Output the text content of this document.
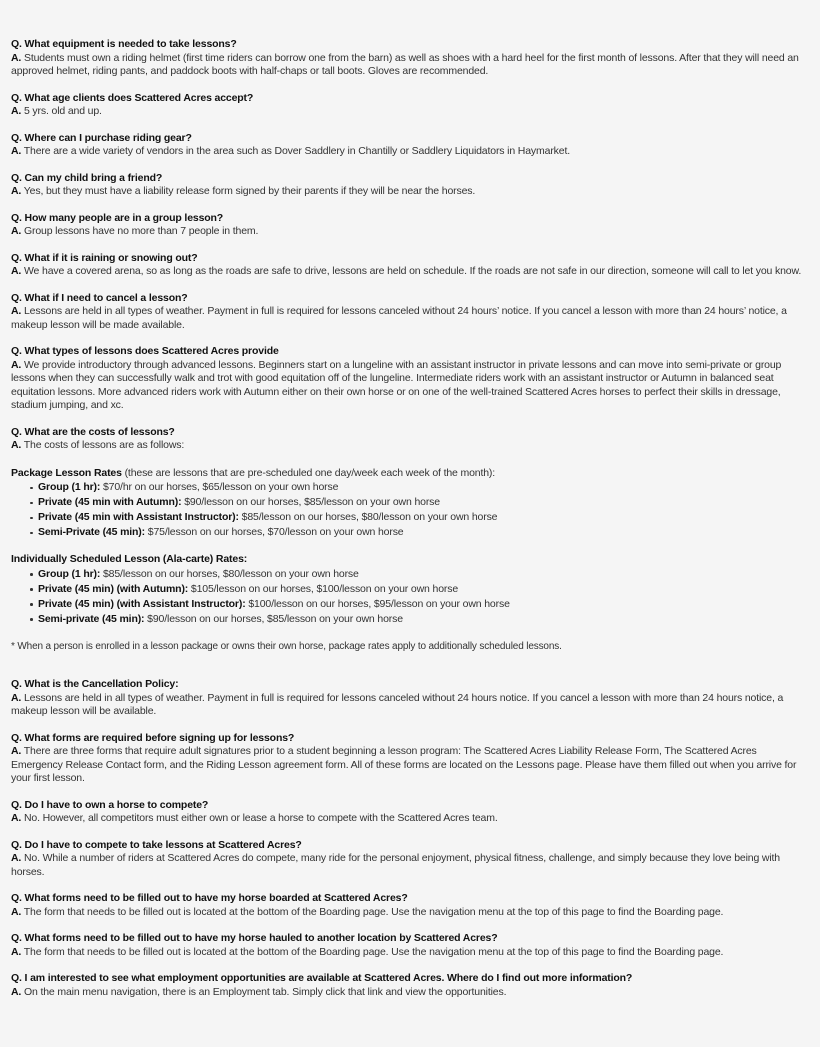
Q. What equipment is needed to take lessons?
A. Students must own a riding helmet (first time riders can borrow one from the barn) as well as shoes with a hard heel for the first month of lessons. After that they will need an approved helmet, riding pants, and paddock boots with half-chaps or tall boots. Gloves are recommended.
Q. What age clients does Scattered Acres accept?
A. 5 yrs. old and up.
Q. Where can I purchase riding gear?
A. There are a wide variety of vendors in the area such as Dover Saddlery in Chantilly or Saddlery Liquidators in Haymarket.
Q. Can my child bring a friend?
A. Yes, but they must have a liability release form signed by their parents if they will be near the horses.
Q. How many people are in a group lesson?
A. Group lessons have no more than 7 people in them.
Q. What if it is raining or snowing out?
A. We have a covered arena, so as long as the roads are safe to drive, lessons are held on schedule. If the roads are not safe in our direction, someone will call to let you know.
Q. What if I need to cancel a lesson?
A. Lessons are held in all types of weather. Payment in full is required for lessons canceled without 24 hours’ notice. If you cancel a lesson with more than 24 hours’ notice, a makeup lesson will be made available.
Q. What types of lessons does Scattered Acres provide
A. We provide introductory through advanced lessons. Beginners start on a lungeline with an assistant instructor in private lessons and can move into semi-private or group lessons when they can successfully walk and trot with good equitation off of the lungeline. Intermediate riders work with an assistant instructor or Autumn in balanced seat equitation lessons. More advanced riders work with Autumn either on their own horse or on one of the well-trained Scattered Acres horses to perfect their skills in dressage, stadium jumping, and xc.
Q. What are the costs of lessons?
A. The costs of lessons are as follows:
Package Lesson Rates (these are lessons that are pre-scheduled one day/week each week of the month):
Group (1 hr): $70/hr on our horses, $65/lesson on your own horse
Private (45 min with Autumn): $90/lesson on our horses, $85/lesson on your own horse
Private (45 min with Assistant Instructor): $85/lesson on our horses, $80/lesson on your own horse
Semi-Private (45 min): $75/lesson on our horses, $70/lesson on your own horse
Individually Scheduled Lesson (Ala-carte) Rates:
Group (1 hr): $85/lesson on our horses, $80/lesson on your own horse
Private (45 min) (with Autumn): $105/lesson on our horses, $100/lesson on your own horse
Private (45 min) (with Assistant Instructor): $100/lesson on our horses, $95/lesson on your own horse
Semi-private (45 min): $90/lesson on our horses, $85/lesson on your own horse
* When a person is enrolled in a lesson package or owns their own horse, package rates apply to additionally scheduled lessons.
Q. What is the Cancellation Policy:
A. Lessons are held in all types of weather. Payment in full is required for lessons canceled without 24 hours notice. If you cancel a lesson with more than 24 hours notice, a makeup lesson will be available.
Q. What forms are required before signing up for lessons?
A. There are three forms that require adult signatures prior to a student beginning a lesson program: The Scattered Acres Liability Release Form, The Scattered Acres Emergency Release Contact form, and the Riding Lesson agreement form. All of these forms are located on the Lessons page. Please have them filled out when you arrive for your first lesson.
Q. Do I have to own a horse to compete?
A. No. However, all competitors must either own or lease a horse to compete with the Scattered Acres team.
Q. Do I have to compete to take lessons at Scattered Acres?
A. No. While a number of riders at Scattered Acres do compete, many ride for the personal enjoyment, physical fitness, challenge, and simply because they love being with horses.
Q. What forms need to be filled out to have my horse boarded at Scattered Acres?
A. The form that needs to be filled out is located at the bottom of the Boarding page. Use the navigation menu at the top of this page to find the Boarding page.
Q. What forms need to be filled out to have my horse hauled to another location by Scattered Acres?
A. The form that needs to be filled out is located at the bottom of the Boarding page. Use the navigation menu at the top of this page to find the Boarding page.
Q. I am interested to see what employment opportunities are available at Scattered Acres. Where do I find out more information?
A. On the main menu navigation, there is an Employment tab. Simply click that link and view the opportunities.
